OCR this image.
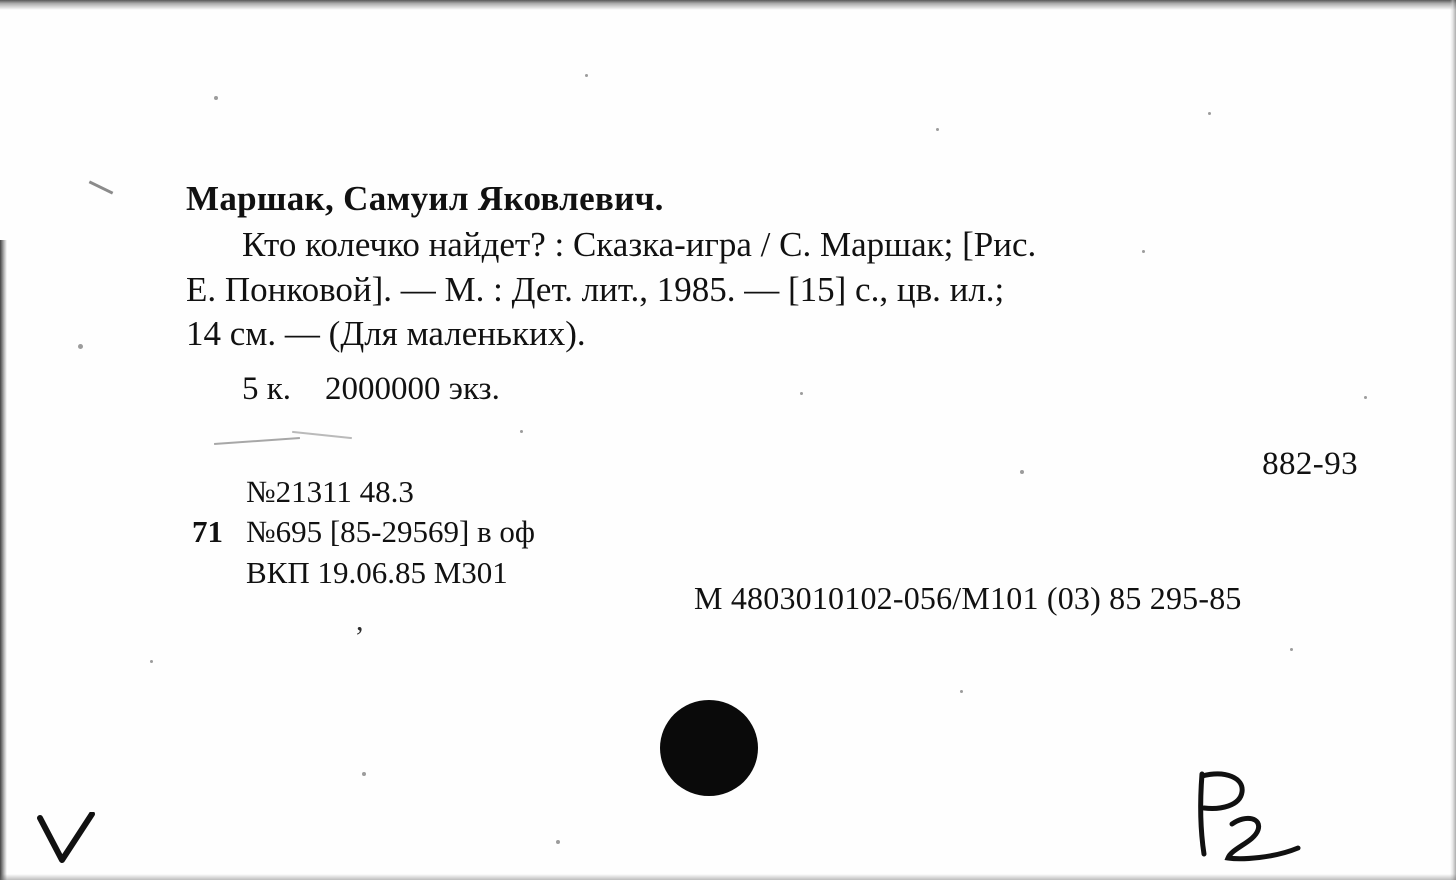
,
Маршак, Самуил Яковлевич.
Кто колечко найдет? : Сказка-игра / С. Маршак; [Рис.
Е. Понковой]. — М. : Дет. лит., 1985. — [15] с., цв. ил.;
14 см. — (Для маленьких).
5 к. 2000000 экз.
882-93
№21311 48.3
71 №695 [85-29569] в оф
ВКП 19.06.85 М301
М 4803010102-056/М101 (03) 85 295-85
